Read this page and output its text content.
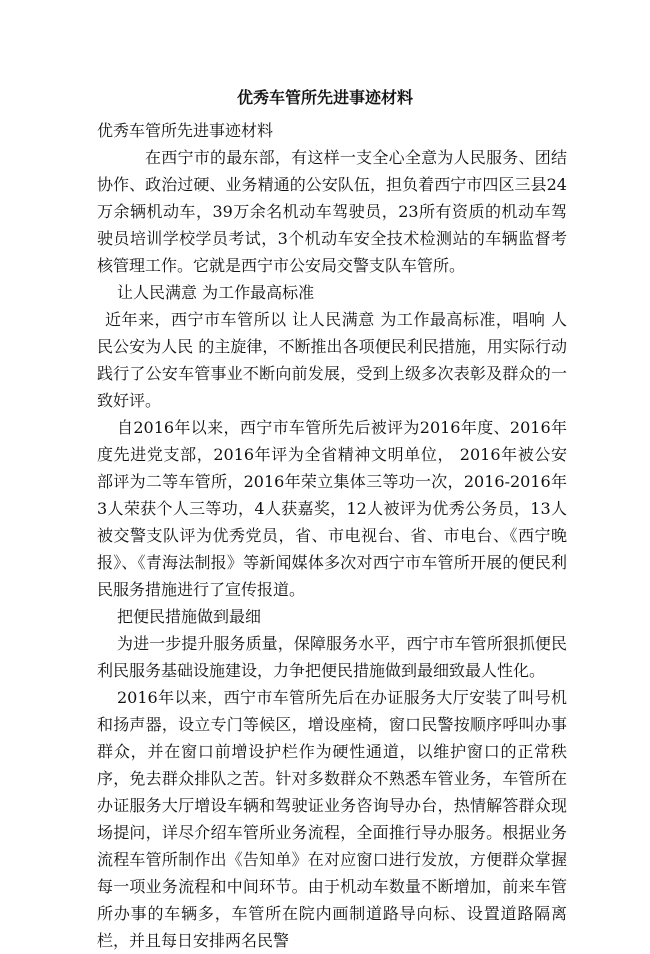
优秀车管所先进事迹材料

优秀车管所先进事迹材料

在西宁市的最东部，有这样一支全心全意为人民服务、团结协作、政治过硬、业务精通的公安队伍，担负着西宁市四区三县24万余辆机动车，39万余名机动车驾驶员，23所有资质的机动车驾驶员培训学校学员考试，3个机动车安全技术检测站的车辆监督考核管理工作。它就是西宁市公安局交警支队车管所。

让人民满意 为工作最高标准

近年来，西宁市车管所以 让人民满意 为工作最高标准，唱响 人民公安为人民 的主旋律，不断推出各项便民利民措施，用实际行动践行了公安车管事业不断向前发展，受到上级多次表彰及群众的一致好评。

自2016年以来，西宁市车管所先后被评为2016年度、2016年度先进党支部，2016年评为全省精神文明单位， 2016年被公安部评为二等车管所，2016年荣立集体三等功一次，2016-2016年3人荣获个人三等功，4人获嘉奖，12人被评为优秀公务员，13人被交警支队评为优秀党员，省、市电视台、省、市电台、《西宁晚报》、《青海法制报》等新闻媒体多次对西宁市车管所开展的便民利民服务措施进行了宣传报道。

把便民措施做到最细

为进一步提升服务质量，保障服务水平，西宁市车管所狠抓便民利民服务基础设施建设，力争把便民措施做到最细致最人性化。

2016年以来，西宁市车管所先后在办证服务大厅安装了叫号机和扬声器，设立专门等候区，增设座椅，窗口民警按顺序呼叫办事群众，并在窗口前增设护栏作为硬性通道，以维护窗口的正常秩序，免去群众排队之苦。针对多数群众不熟悉车管业务，车管所在办证服务大厅增设车辆和驾驶证业务咨询导办台，热情解答群众现场提问，详尽介绍车管所业务流程，全面推行导办服务。根据业务流程车管所制作出《告知单》在对应窗口进行发放，方便群众掌握每一项业务流程和中间环节。由于机动车数量不断增加，前来车管所办事的车辆多，车管所在院内画制道路导向标、设置道路隔离栏，并且每日安排两名民警
